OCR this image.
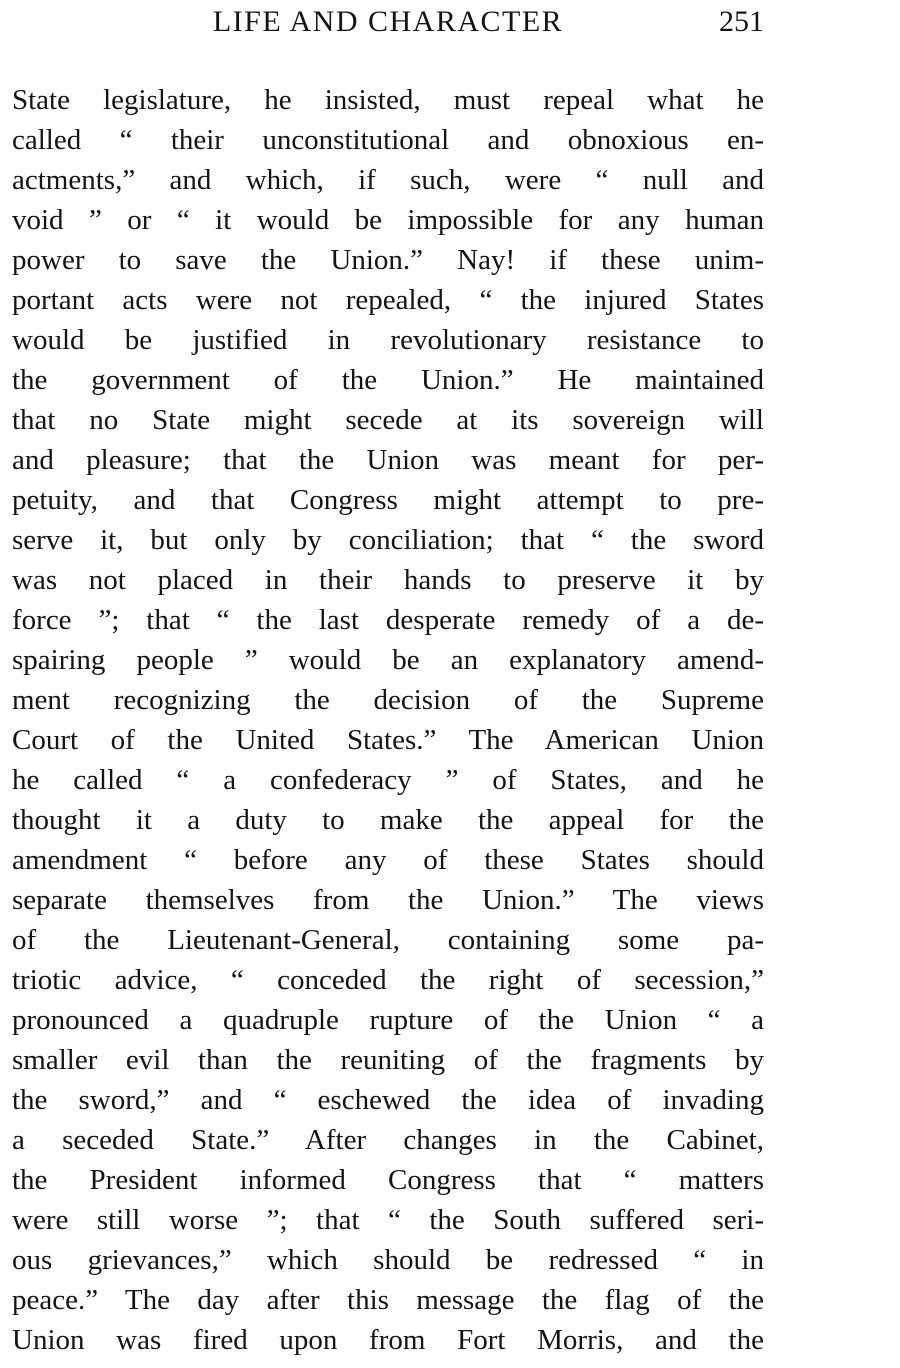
LIFE AND CHARACTER	251
State legislature, he insisted, must repeal what he
called “ their unconstitutional and obnoxious en-
actments,” and which, if such, were “ null and
void ” or “ it would be impossible for any human
power to save the Union.” Nay! if these unim-
portant acts were not repealed, “ the injured States
would be justified in revolutionary resistance to
the government of the Union.” He maintained
that no State might secede at its sovereign will
and pleasure; that the Union was meant for per-
petuity, and that Congress might attempt to pre-
serve it, but only by conciliation; that “ the sword
was not placed in their hands to preserve it by
force ”; that “ the last desperate remedy of a de-
spairing people ” would be an explanatory amend-
ment recognizing the decision of the Supreme
Court of the United States.” The American Union
he called “ a confederacy ” of States, and he
thought it a duty to make the appeal for the
amendment “ before any of these States should
separate themselves from the Union.” The views
of the Lieutenant-General, containing some pa-
triotic advice, “ conceded the right of secession,”
pronounced a quadruple rupture of the Union “ a
smaller evil than the reuniting of the fragments by
the sword,” and “ eschewed the idea of invading
a seceded State.” After changes in the Cabinet,
the President informed Congress that “ matters
were still worse ”; that “ the South suffered seri-
ous grievances,” which should be redressed “ in
peace.” The day after this message the flag of the
Union was fired upon from Fort Morris, and the
